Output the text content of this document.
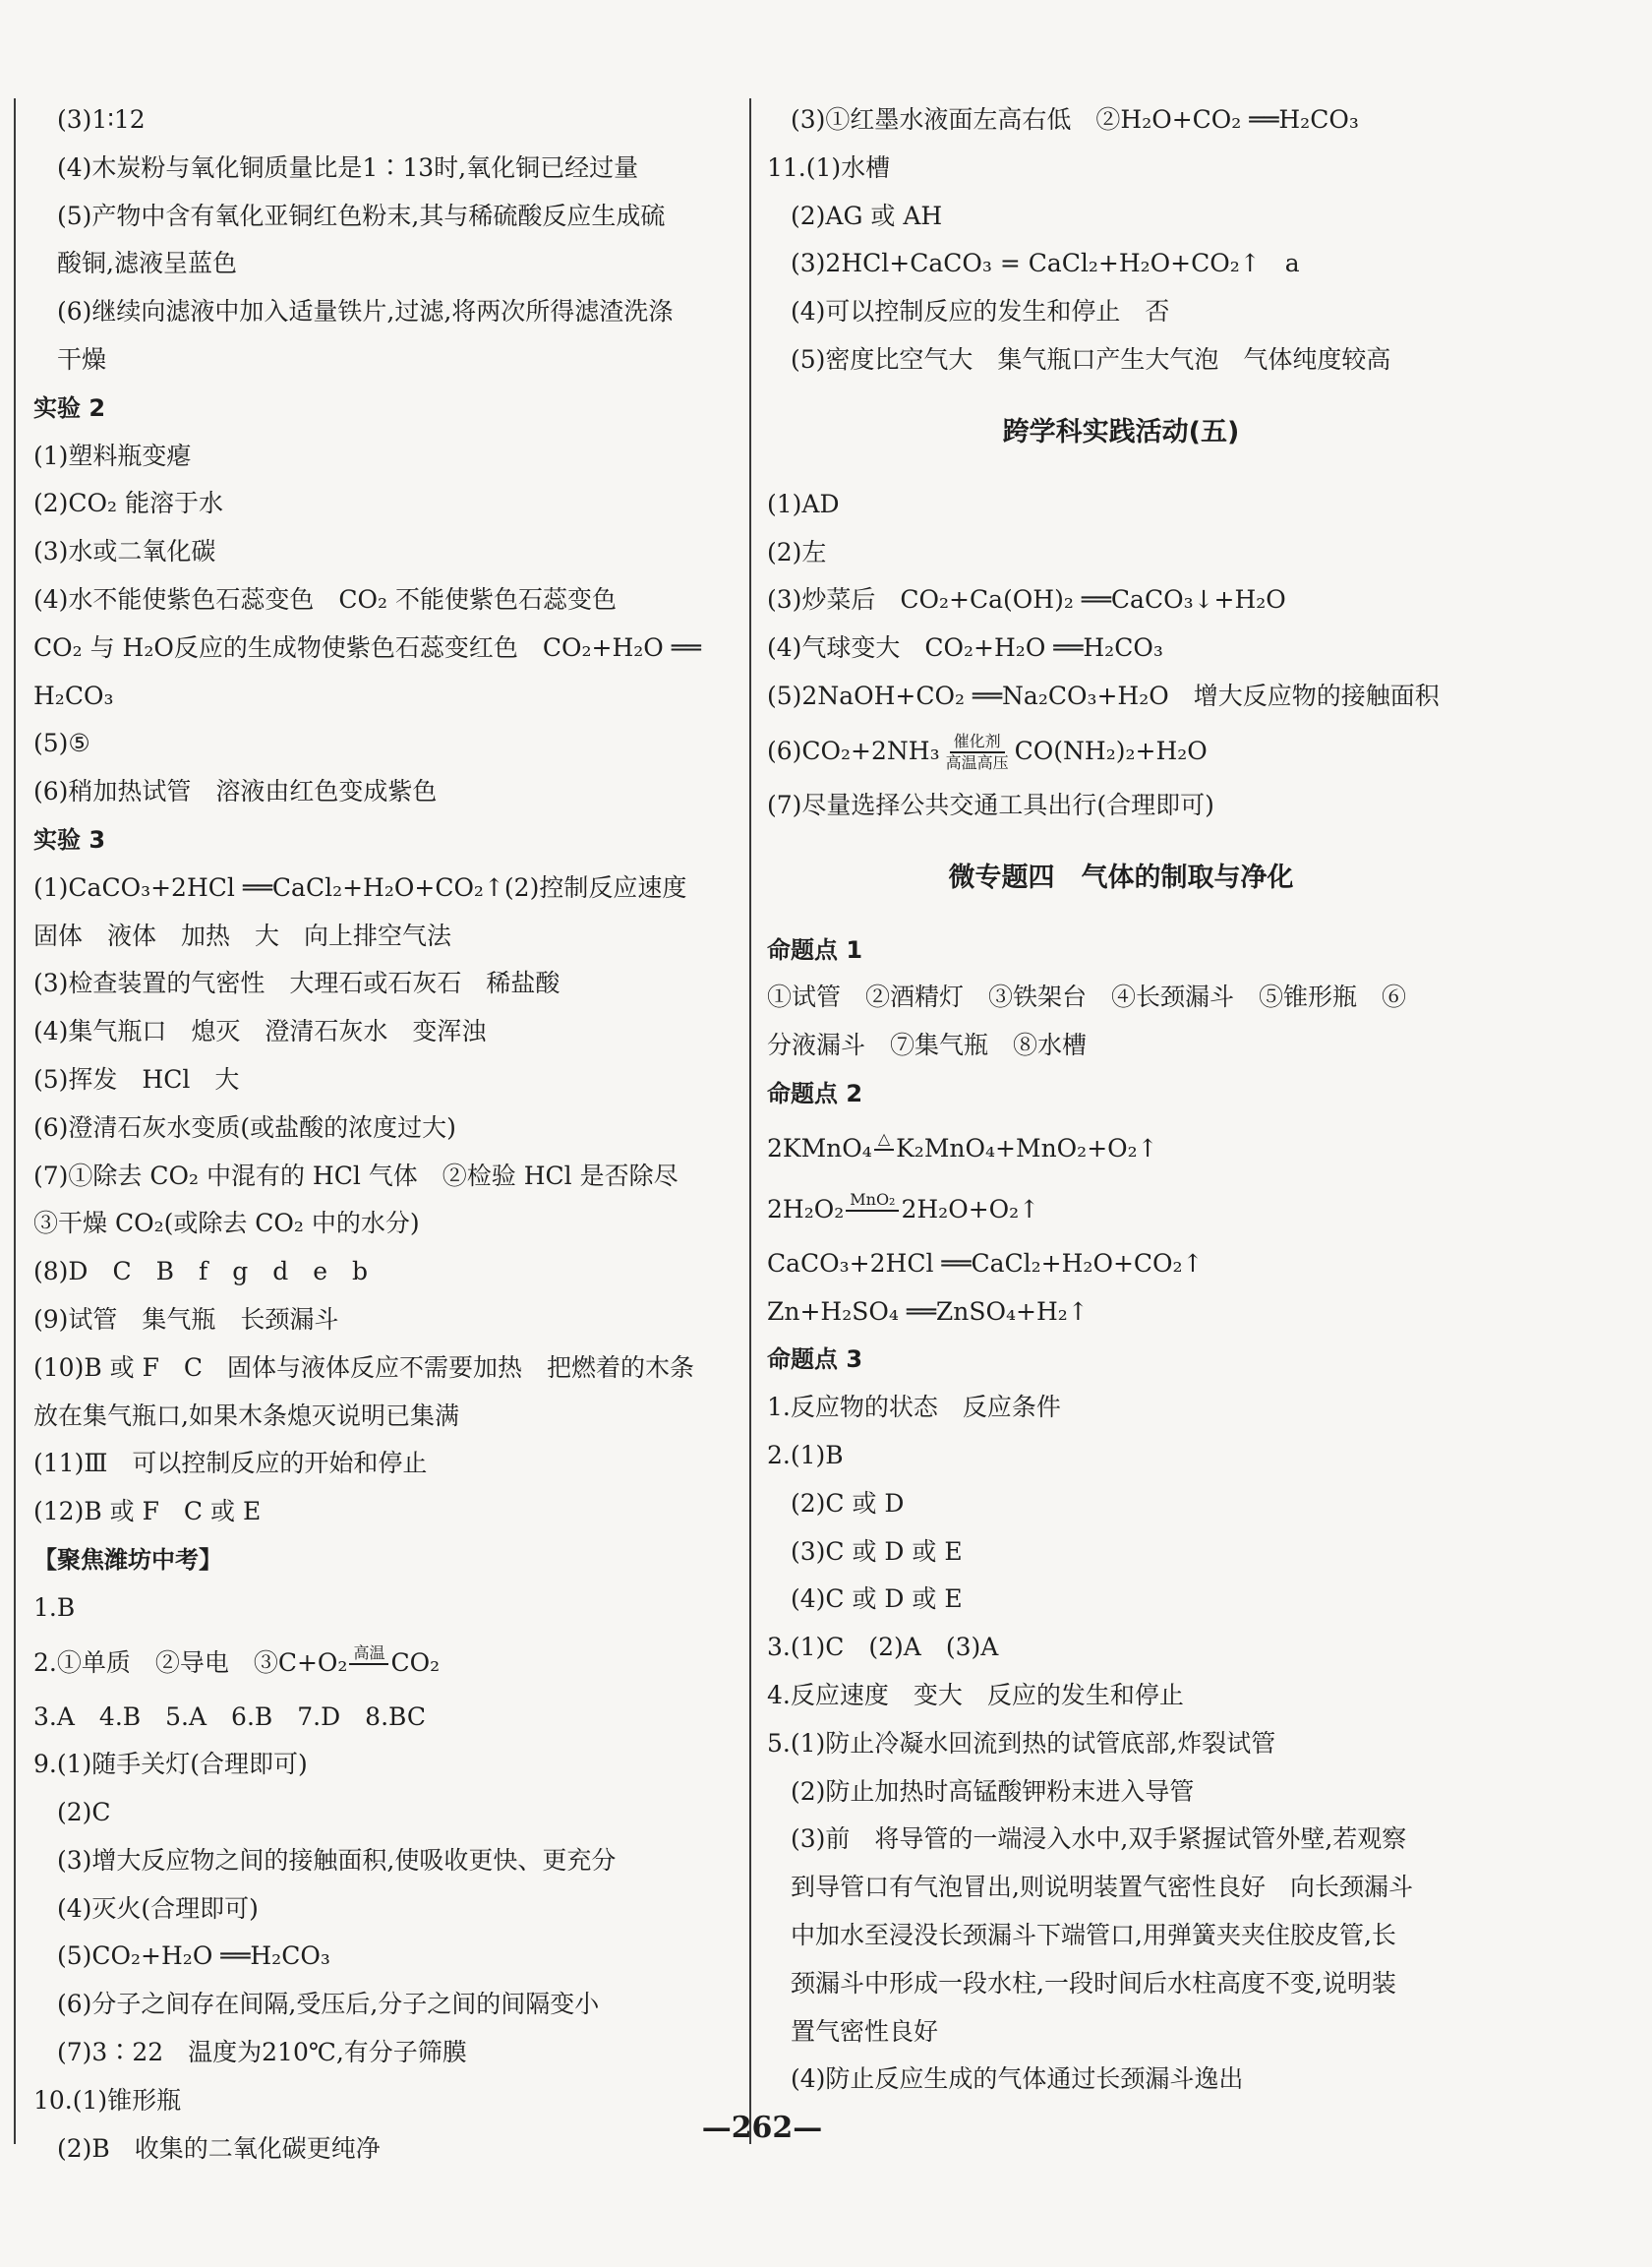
(3)1∶12
(4)木炭粉与氧化铜质量比是1∶13时,氧化铜已经过量
(5)产物中含有氧化亚铜红色粉末,其与稀硫酸反应生成硫
酸铜,滤液呈蓝色
(6)继续向滤液中加入适量铁片,过滤,将两次所得滤渣洗涤
干燥
实验 2
(1)塑料瓶变瘪
(2)CO₂ 能溶于水
(3)水或二氧化碳
(4)水不能使紫色石蕊变色　CO₂ 不能使紫色石蕊变色
CO₂ 与 H₂O反应的生成物使紫色石蕊变红色　CO₂+H₂O ══
H₂CO₃
(5)⑤
(6)稍加热试管　溶液由红色变成紫色
实验 3
(1)CaCO₃+2HCl ══CaCl₂+H₂O+CO₂↑(2)控制反应速度
固体　液体　加热　大　向上排空气法
(3)检查装置的气密性　大理石或石灰石　稀盐酸
(4)集气瓶口　熄灭　澄清石灰水　变浑浊
(5)挥发　HCl　大
(6)澄清石灰水变质(或盐酸的浓度过大)
(7)①除去 CO₂ 中混有的 HCl 气体　②检验 HCl 是否除尽
③干燥 CO₂(或除去 CO₂ 中的水分)
(8)D　C　B　f　g　d　e　b
(9)试管　集气瓶　长颈漏斗
(10)B 或 F　C　固体与液体反应不需要加热　把燃着的木条
放在集气瓶口,如果木条熄灭说明已集满
(11)Ⅲ　可以控制反应的开始和停止
(12)B 或 F　C 或 E
【聚焦潍坊中考】
1.B
2.①单质　②导电　③C+O₂ 高温 CO₂
3.A　4.B　5.A　6.B　7.D　8.BC
9.(1)随手关灯(合理即可)
(2)C
(3)增大反应物之间的接触面积,使吸收更快、更充分
(4)灭火(合理即可)
(5)CO₂+H₂O ══H₂CO₃
(6)分子之间存在间隔,受压后,分子之间的间隔变小
(7)3∶22　温度为210℃,有分子筛膜
10.(1)锥形瓶
(2)B　收集的二氧化碳更纯净
(3)①红墨水液面左高右低　②H₂O+CO₂ ══H₂CO₃
11.(1)水槽
(2)AG 或 AH
(3)2HCl+CaCO₃ = CaCl₂+H₂O+CO₂↑　a
(4)可以控制反应的发生和停止　否
(5)密度比空气大　集气瓶口产生大气泡　气体纯度较高
跨学科实践活动(五)
(1)AD
(2)左
(3)炒菜后　CO₂+Ca(OH)₂ ══CaCO₃↓+H₂O
(4)气球变大　CO₂+H₂O ══H₂CO₃
(5)2NaOH+CO₂ ══Na₂CO₃+H₂O　增大反应物的接触面积
(6)CO₂+2NH₃ 催化剂
高温高压 CO(NH₂)₂+H₂O
(7)尽量选择公共交通工具出行(合理即可)
微专题四　气体的制取与净化
命题点 1
①试管　②酒精灯　③铁架台　④长颈漏斗　⑤锥形瓶　⑥
分液漏斗　⑦集气瓶　⑧水槽
命题点 2
2KMnO₄ △ K₂MnO₄+MnO₂+O₂↑
2H₂O₂ MnO₂ 2H₂O+O₂↑
CaCO₃+2HCl ══CaCl₂+H₂O+CO₂↑
Zn+H₂SO₄ ══ZnSO₄+H₂↑
命题点 3
1.反应物的状态　反应条件
2.(1)B
(2)C 或 D
(3)C 或 D 或 E
(4)C 或 D 或 E
3.(1)C　(2)A　(3)A
4.反应速度　变大　反应的发生和停止
5.(1)防止冷凝水回流到热的试管底部,炸裂试管
(2)防止加热时高锰酸钾粉末进入导管
(3)前　将导管的一端浸入水中,双手紧握试管外壁,若观察
到导管口有气泡冒出,则说明装置气密性良好　向长颈漏斗
中加水至浸没长颈漏斗下端管口,用弹簧夹夹住胶皮管,长
颈漏斗中形成一段水柱,一段时间后水柱高度不变,说明装
置气密性良好
(4)防止反应生成的气体通过长颈漏斗逸出
—262—
